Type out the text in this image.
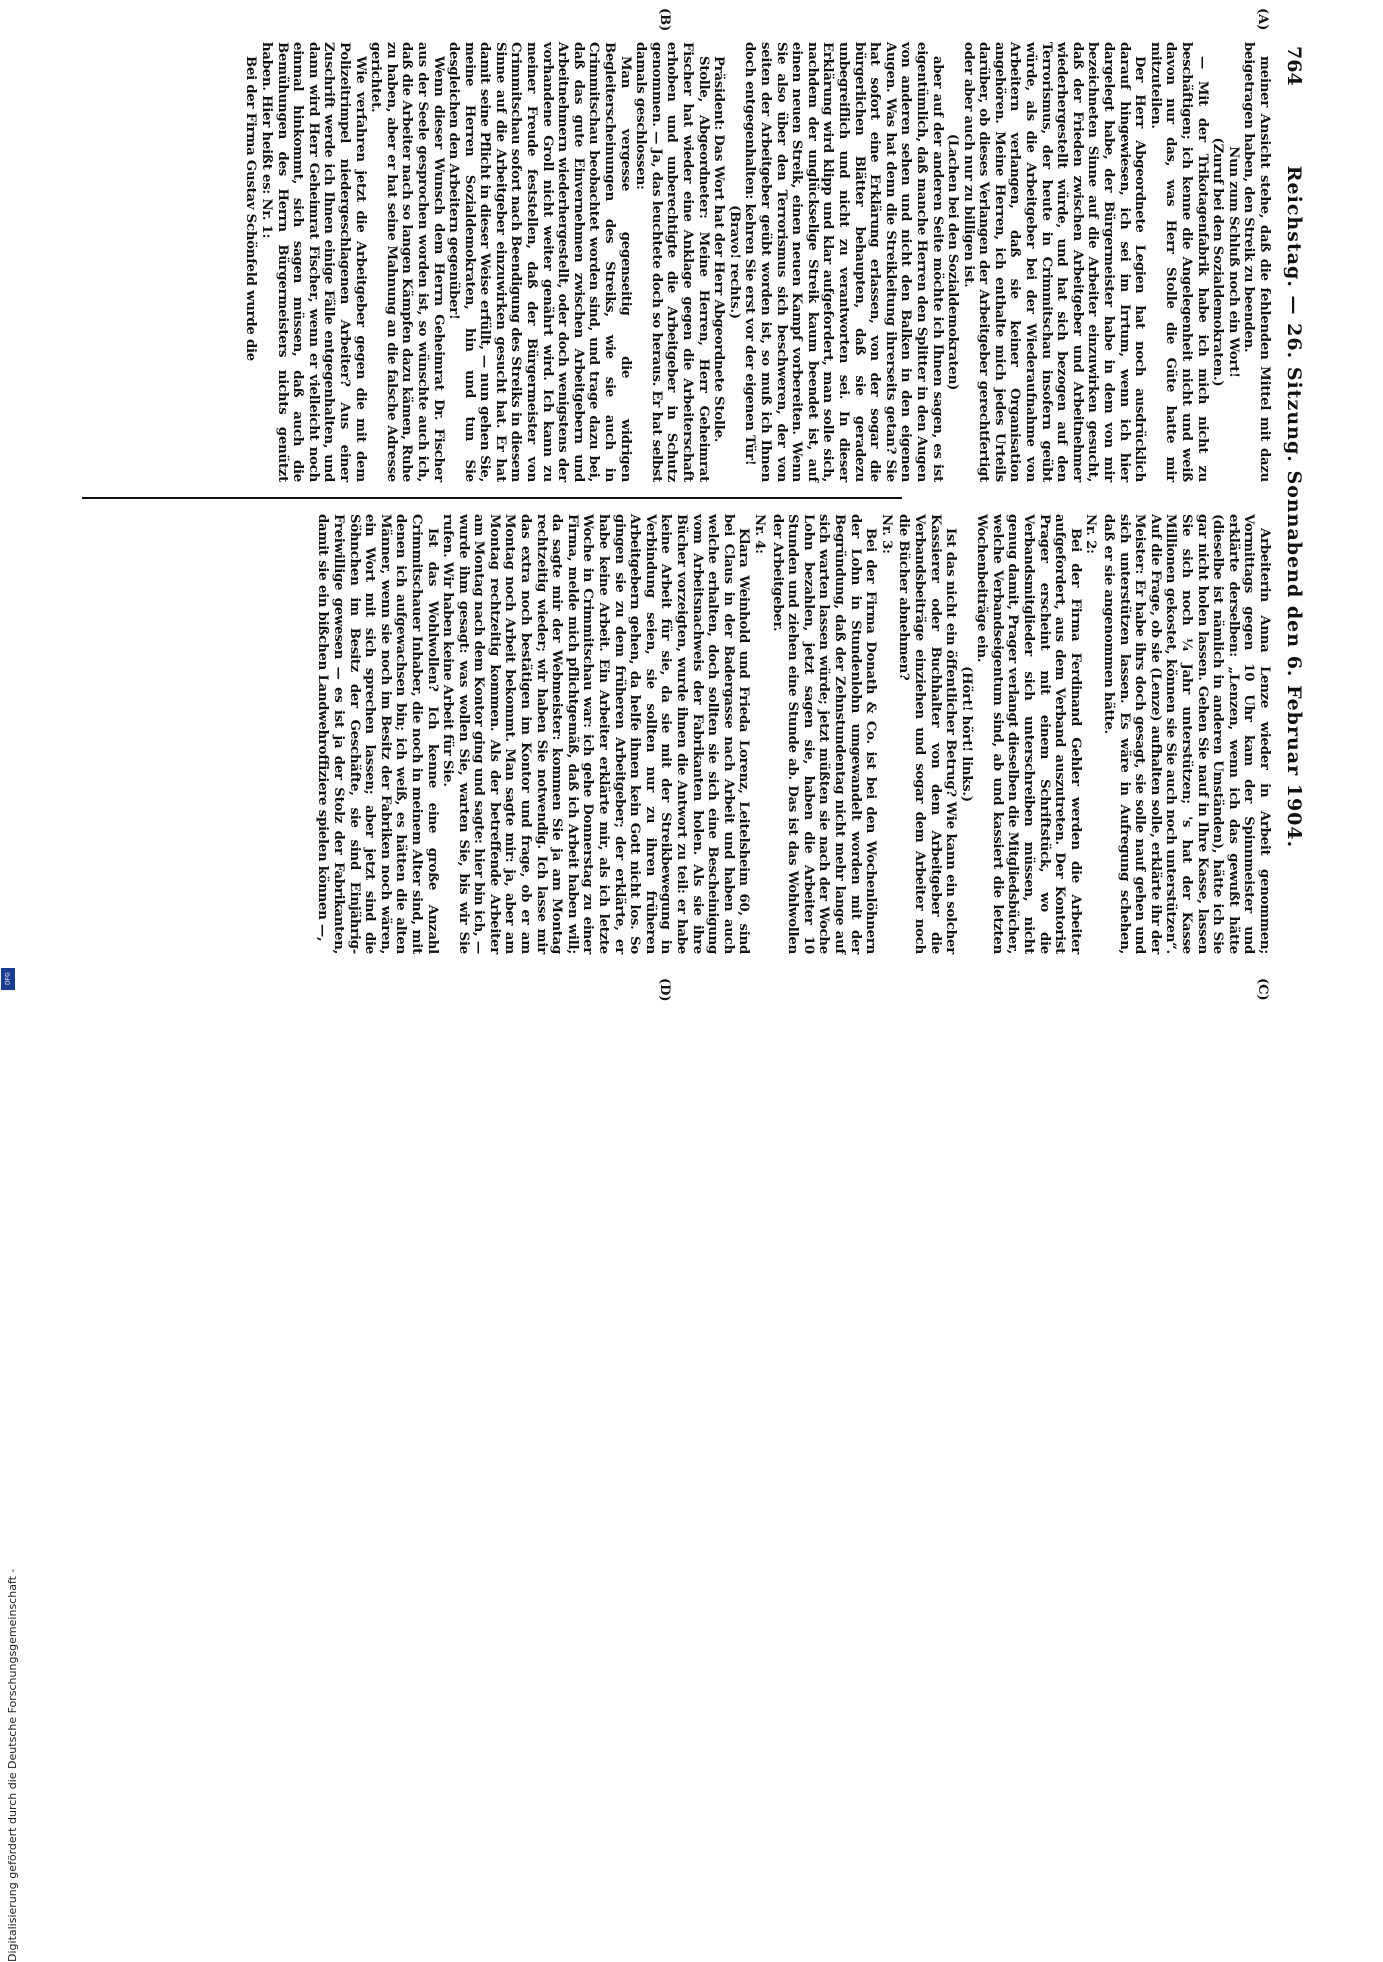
764
Reichstag. — 26. Sitzung. Sonnabend den 6. Februar 1904.
(A)
(B)
(C)
(D)

meiner Ansicht stehe, daß die fehlenden Mittel mit dazu beigetragen haben, den Streik zu beenden.

Nun zum Schluß noch ein Wort!

(Zuruf bei den Sozialdemokraten.)

— Mit der Trikotagenfabrik habe ich mich nicht zu beschäftigen; ich kenne die Angelegenheit nicht und weiß davon nur das, was Herr Stolle die Güte hatte mir mitzuteilen.

Der Herr Abgeordnete Legien hat noch ausdrücklich darauf hingewiesen, ich sei im Irrtum, wenn ich hier dargelegt habe, der Bürgermeister habe in dem von mir bezeichneten Sinne auf die Arbeiter einzuwirken gesucht, daß der Frieden zwischen Arbeitgeber und Arbeitnehmer wiederhergestellt würde, und hat sich bezogen auf den Terrorismus, der heute in Crimmitschau insofern geübt würde, als die Arbeitgeber bei der Wiederaufnahme von Arbeitern verlangen, daß sie keiner Organisation angehören. Meine Herren, ich enthalte mich jedes Urteils darüber, ob dieses Verlangen der Arbeitgeber gerechtfertigt oder aber auch nur zu billigen ist.

(Lachen bei den Sozialdemokraten)

aber auf der anderen Seite möchte ich Ihnen sagen, es ist eigentümlich, daß manche Herren den Splitter in den Augen von anderen sehen und nicht den Balken in den eigenen Augen. Was hat denn die Streikleitung ihrerseits getan? Sie hat sofort eine Erklärung erlassen, von der sogar die bürgerlichen Blätter behaupten, daß sie geradezu unbegreiflich und nicht zu verantworten sei. In dieser Erklärung wird klipp und klar aufgefordert, man solle sich, nachdem der unglückselige Streik kaum beendet ist, auf einen neuen Streik, einen neuen Kampf vorbereiten. Wenn Sie also über den Terrorismus sich beschweren, der von seiten der Arbeitgeber geübt worden ist, so muß ich Ihnen doch entgegenhalten: kehren Sie erst vor der eigenen Tür!

(Bravo! rechts.)

Präsident: Das Wort hat der Herr Abgeordnete Stolle.

Stolle, Abgeordneter: Meine Herren, Herr Geheimrat Fischer hat wieder eine Anklage gegen die Arbeiterschaft erhoben und unberechtigte die Arbeitgeber in Schutz genommen. — Ja, das leuchtete doch so heraus. Er hat selbst damals geschlossen:

Man vergesse gegenseitig die widrigen Begleiterscheinungen des Streiks, wie sie auch in Crimmitschau beobachtet worden sind, und trage dazu bei, daß das gute Einvernehmen zwischen Arbeitgebern und Arbeitnehmern wiederhergestellt, oder doch wenigstens der vorhandene Groll nicht weiter genährt wird. Ich kann zu meiner Freude feststellen, daß der Bürgermeister von Crimmitschau sofort nach Beendigung des Streiks in diesem Sinne auf die Arbeitgeber einzuwirken gesucht hat. Er hat damit seine Pflicht in dieser Weise erfüllt, — nun gehen Sie, meine Herren Sozialdemokraten, hin und tun Sie desgleichen den Arbeitern gegenüber!

Wenn dieser Wunsch dem Herrn Geheimrat Dr. Fischer aus der Seele gesprochen worden ist, so wünschte auch ich, daß die Arbeiter nach so langen Kämpfen dazu kämen, Ruhe zu haben, aber er hat seine Mahnung an die falsche Adresse gerichtet.

Wie verfahren jetzt die Arbeitgeber gegen die mit dem Polizeitrimpel niedergeschlagenen Arbeiter? Aus einer Zuschrift werde ich Ihnen einige Fälle entgegenhalten, und dann wird Herr Geheimrat Fischer, wenn er vielleicht noch einmal hinkommt, sich sagen müssen, daß auch die Bemühungen des Herrn Bürgermeisters nichts genützt haben. Hier heißt es: Nr. 1:

Bei der Firma Gustav Schönfeld wurde die

Arbeiterin Anna Lenze wieder in Arbeit genommen; Vormittags gegen 10 Uhr kam der Spinnmeister und erklärte derselben: „Lenzen, wenn ich das gewußt hätte (dieselbe ist nämlich in anderen Umständen), hätte ich Sie gar nicht holen lassen. Gehen Sie nauf in Ihre Kasse, lassen Sie sich noch ¼ Jahr unterstützen; 's hat der Kasse Millionen gekostet, können sie Sie auch noch unterstützen“. Auf die Frage, ob sie (Lenze) aufhalten solle, erklärte ihr der Meister: Er habe ihrs doch gesagt, sie solle nauf gehen und sich unterstützen lassen. Es wäre in Aufregung schehen, daß er sie angenommen hätte.

Nr. 2:

Bei der Firma Ferdinand Gehler werden die Arbeiter aufgefordert, aus dem Verband auszutreten. Der Kontorist Prager erscheint mit einem Schriftstück, wo die Verbandsmitglieder sich unterschreiben müssen, nicht genug damit, Prager verlangt dieselben die Mitgliedsbücher, welche Verbandseigentum sind, ab und kassiert die letzten Wochenbeiträge ein.

(Hört! hört! links.)

Ist das nicht ein öffentlicher Betrug? Wie kann ein solcher Kassierer oder Buchhalter von dem Arbeitgeber die Verbandsbeiträge einziehen und sogar dem Arbeiter noch die Bücher abnehmen?

Nr. 3:

Bei der Firma Donath & Co. ist bei den Wochenlöhnern der Lohn in Stundenlohn umgewandelt worden mit der Begründung, daß der Zehnstundentag nicht mehr lange auf sich warten lassen würde; jetzt müßten sie nach der Woche Lohn bezahlen, jetzt sagen sie, haben die Arbeiter 10 Stunden und ziehen eine Stunde ab. Das ist das Wohlwollen der Arbeitgeber.

Nr. 4:

Klara Weinhold und Frieda Lorenz, Leitelsheim 60, sind bei Claus in der Badergasse nach Arbeit und haben auch welche erhalten, doch sollten sie sich eine Bescheinigung vom Arbeitsnachweis der Fabrikanten holen. Als sie ihre Bücher vorzeigten, wurde ihnen die Antwort zu teil: er habe keine Arbeit für sie, da sie mit der Streikbewegung in Verbindung seien, sie sollten nur zu ihren früheren Arbeitgebern gehen, da helfe ihnen kein Gott nicht los. So gingen sie zu dem früheren Arbeitgeber; der erklärte, er habe keine Arbeit. Ein Arbeiter erklärte mir, als ich letzte Woche in Crimmitschau war: ich gehe Donnerstag zu einer Firma, melde mich pflichtgemäß, daß ich Arbeit haben will; da sagte mir der Webmeister: kommen Sie ja am Montag rechtzeitig wieder; wir haben Sie notwendig. Ich lasse mir das extra noch bestätigen im Kontor und frage, ob er am Montag noch Arbeit bekommt. Man sagte mir: ja, aber am Montag rechtzeitig kommen. Als der betreffende Arbeiter am Montag nach dem Kontor ging und sagte: hier bin ich, — wurde ihm gesagt: was wollen Sie, warten Sie, bis wir Sie rufen. Wir haben keine Arbeit für Sie.

Ist das Wohlwollen? Ich kenne eine große Anzahl Crimmitschauer Inhaber, die noch in meinem Alter sind, mit denen ich aufgewachsen bin; ich weiß, es hätten die alten Männer, wenn sie noch im Besitz der Fabriken noch wären, ein Wort mit sich sprechen lassen; aber jetzt sind die Söhnchen im Besitz der Geschäfte, sie sind Einjährig-Freiwillige gewesen — es ist ja der Stolz der Fabrikanten, damit sie ein bißchen Landwehroffiziere spielen können —,

Digitalisierung gefördert durch die Deutsche Forschungsgemeinschaft -
DFG
